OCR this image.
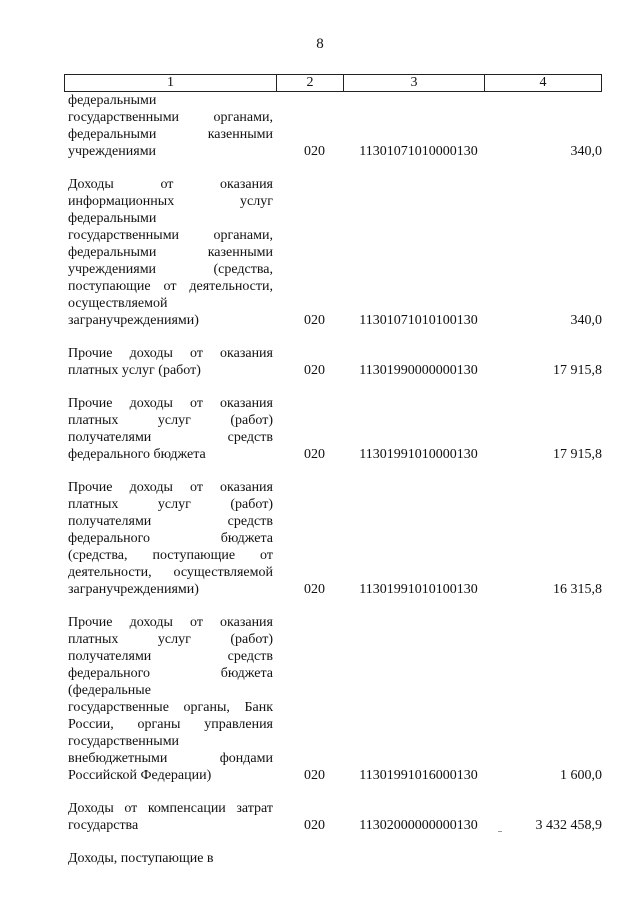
8
1	2	3	4
федеральными
государственными органами,
федеральными казенными
учреждениями	020	11301071010000130	340,0
Доходы от оказания
информационных услуг
федеральными
государственными органами,
федеральными казенными
учреждениями (средства,
поступающие от деятельности,
осуществляемой
загранучреждениями)	020	11301071010100130	340,0
Прочие доходы от оказания
платных услуг (работ)	020	11301990000000130	17 915,8
Прочие доходы от оказания
платных услуг (работ)
получателями средств
федерального бюджета	020	11301991010000130	17 915,8
Прочие доходы от оказания
платных услуг (работ)
получателями средств
федерального бюджета
(средства, поступающие от
деятельности, осуществляемой
загранучреждениями)	020	11301991010100130	16 315,8
Прочие доходы от оказания
платных услуг (работ)
получателями средств
федерального бюджета
(федеральные
государственные органы, Банк
России, органы управления
государственными
внебюджетными фондами
Российской Федерации)	020	11301991016000130	1 600,0
Доходы от компенсации затрат
государства	020	11302000000000130	3 432 458,9
Доходы, поступающие в
